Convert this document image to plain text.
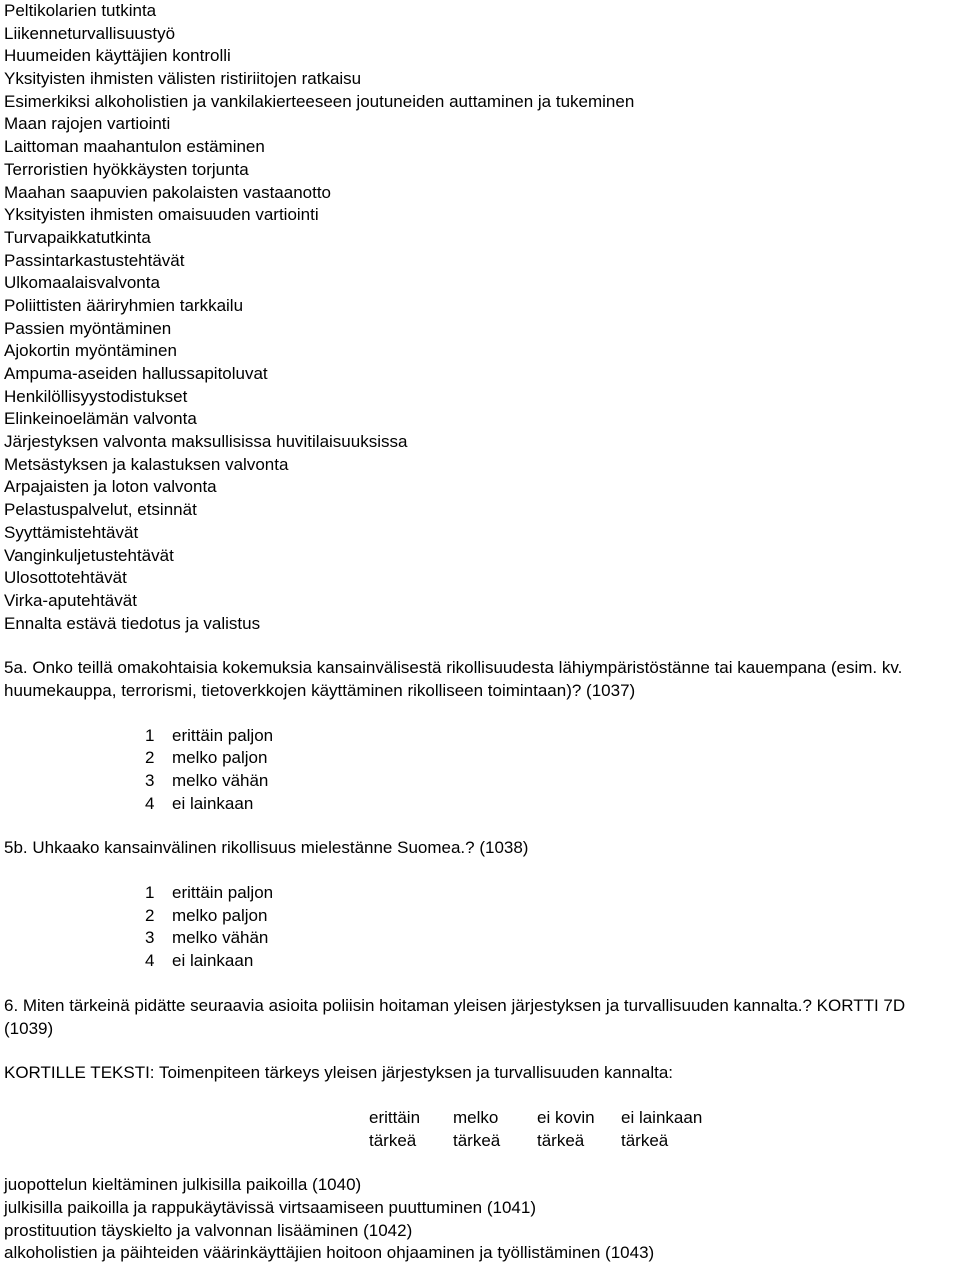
Peltikolarien tutkinta
Liikenneturvallisuustyö
Huumeiden käyttäjien kontrolli
Yksityisten ihmisten välisten ristiriitojen ratkaisu
Esimerkiksi alkoholistien ja vankilakierteeseen joutuneiden auttaminen ja tukeminen
Maan rajojen vartiointi
Laittoman maahantulon estäminen
Terroristien hyökkäysten torjunta
Maahan saapuvien pakolaisten vastaanotto
Yksityisten ihmisten omaisuuden vartiointi
Turvapaikkatutkinta
Passintarkastustehtävät
Ulkomaalaisvalvonta
Poliittisten ääriryhmien tarkkailu
Passien myöntäminen
Ajokortin myöntäminen
Ampuma-aseiden hallussapitoluvat
Henkilöllisyystodistukset
Elinkeinoelämän valvonta
Järjestyksen valvonta maksullisissa huvitilaisuuksissa
Metsästyksen ja kalastuksen valvonta
Arpajaisten ja loton valvonta
Pelastuspalvelut, etsinnät
Syyttämistehtävät
Vanginkuljetustehtävät
Ulosottotehtävät
Virka-aputehtävät
Ennalta estävä tiedotus ja valistus

5a. Onko teillä omakohtaisia kokemuksia kansainvälisestä rikollisuudesta lähiympäristöstänne tai kauempana (esim. kv. huumekauppa, terrorismi, tietoverkkojen käyttäminen rikolliseen toimintaan)? (1037)

1 erittäin paljon
2 melko paljon
3 melko vähän
4 ei lainkaan

5b. Uhkaako kansainvälinen rikollisuus mielestänne Suomea.? (1038)

1 erittäin paljon
2 melko paljon
3 melko vähän
4 ei lainkaan

6. Miten tärkeinä pidätte seuraavia asioita poliisin hoitaman yleisen järjestyksen ja turvallisuuden kannalta.? KORTTI 7D (1039)

KORTILLE TEKSTI: Toimenpiteen tärkeys yleisen järjestyksen ja turvallisuuden kannalta:

erittäin	melko	ei kovin	ei lainkaan
tärkeä	tärkeä	tärkeä	tärkeä
juopottelun kieltäminen julkisilla paikoilla (1040)
julkisilla paikoilla ja rappukäytävissä virtsaamiseen puuttuminen (1041)
prostituution täyskielto ja valvonnan lisääminen (1042)
alkoholistien ja päihteiden väärinkäyttäjien hoitoon ohjaaminen ja työllistäminen (1043)
